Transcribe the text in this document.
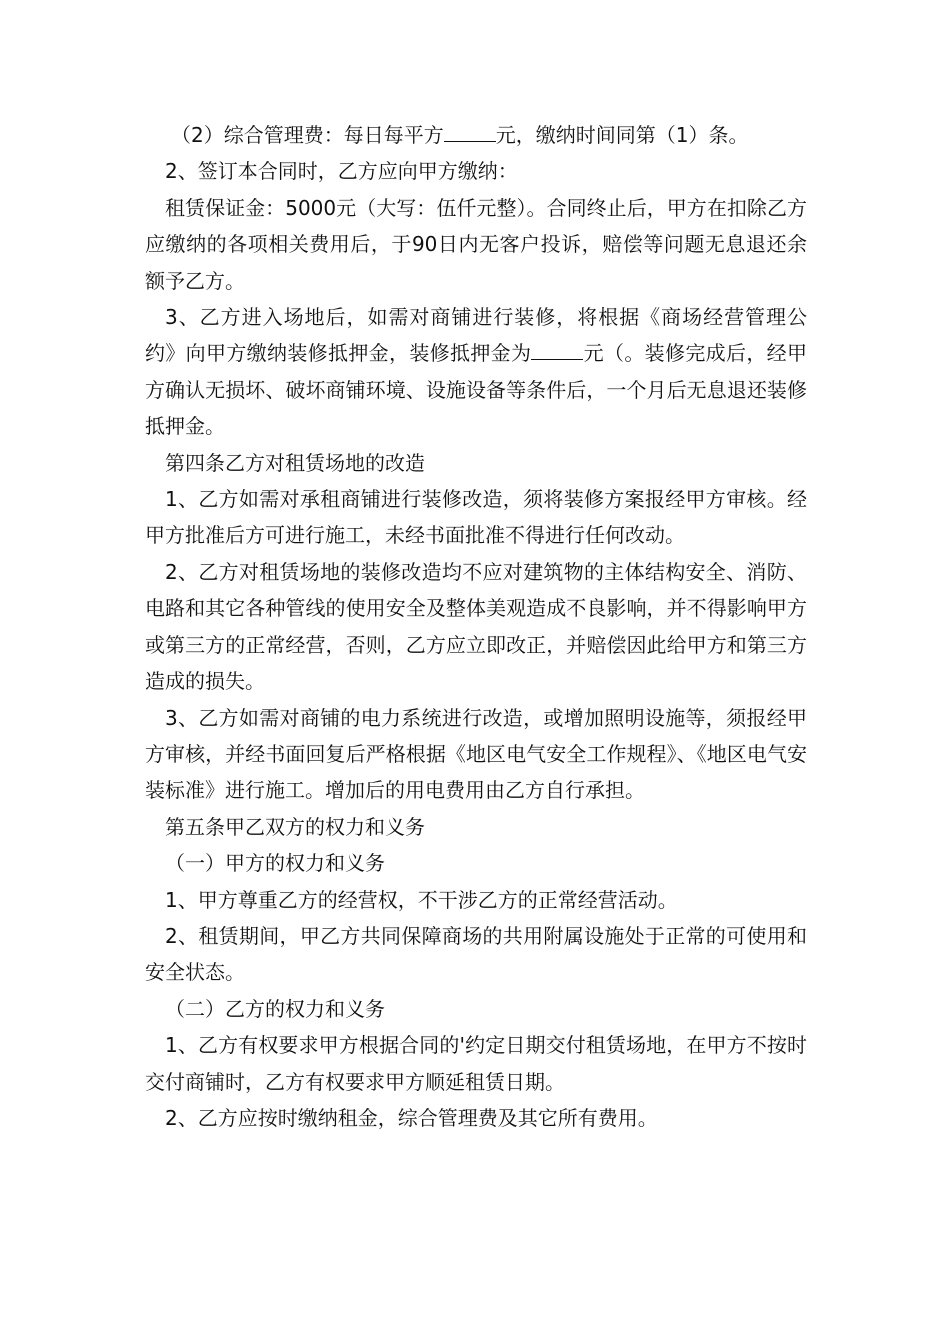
（2）综合管理费：每日每平方	元，缴纳时间同第（1）条。

2、签订本合同时，乙方应向甲方缴纳：

租赁保证金：5000元（大写：伍仟元整）。合同终止后，甲方在扣除乙方应缴纳的各项相关费用后，于90日内无客户投诉，赔偿等问题无息退还余额予乙方。

3、乙方进入场地后，如需对商铺进行装修，将根据《商场经营管理公约》向甲方缴纳装修抵押金，装修抵押金为	元（。装修完成后，经甲方确认无损坏、破坏商铺环境、设施设备等条件后，一个月后无息退还装修抵押金。

第四条乙方对租赁场地的改造

1、乙方如需对承租商铺进行装修改造，须将装修方案报经甲方审核。经甲方批准后方可进行施工，未经书面批准不得进行任何改动。

2、乙方对租赁场地的装修改造均不应对建筑物的主体结构安全、消防、电路和其它各种管线的使用安全及整体美观造成不良影响，并不得影响甲方或第三方的正常经营，否则，乙方应立即改正，并赔偿因此给甲方和第三方造成的损失。

3、乙方如需对商铺的电力系统进行改造，或增加照明设施等，须报经甲方审核，并经书面回复后严格根据《地区电气安全工作规程》、《地区电气安装标准》进行施工。增加后的用电费用由乙方自行承担。

第五条甲乙双方的权力和义务

（一）甲方的权力和义务

1、甲方尊重乙方的经营权，不干涉乙方的正常经营活动。

2、租赁期间，甲乙方共同保障商场的共用附属设施处于正常的可使用和安全状态。

（二）乙方的权力和义务

1、乙方有权要求甲方根据合同的'约定日期交付租赁场地，在甲方不按时交付商铺时，乙方有权要求甲方顺延租赁日期。

2、乙方应按时缴纳租金，综合管理费及其它所有费用。
